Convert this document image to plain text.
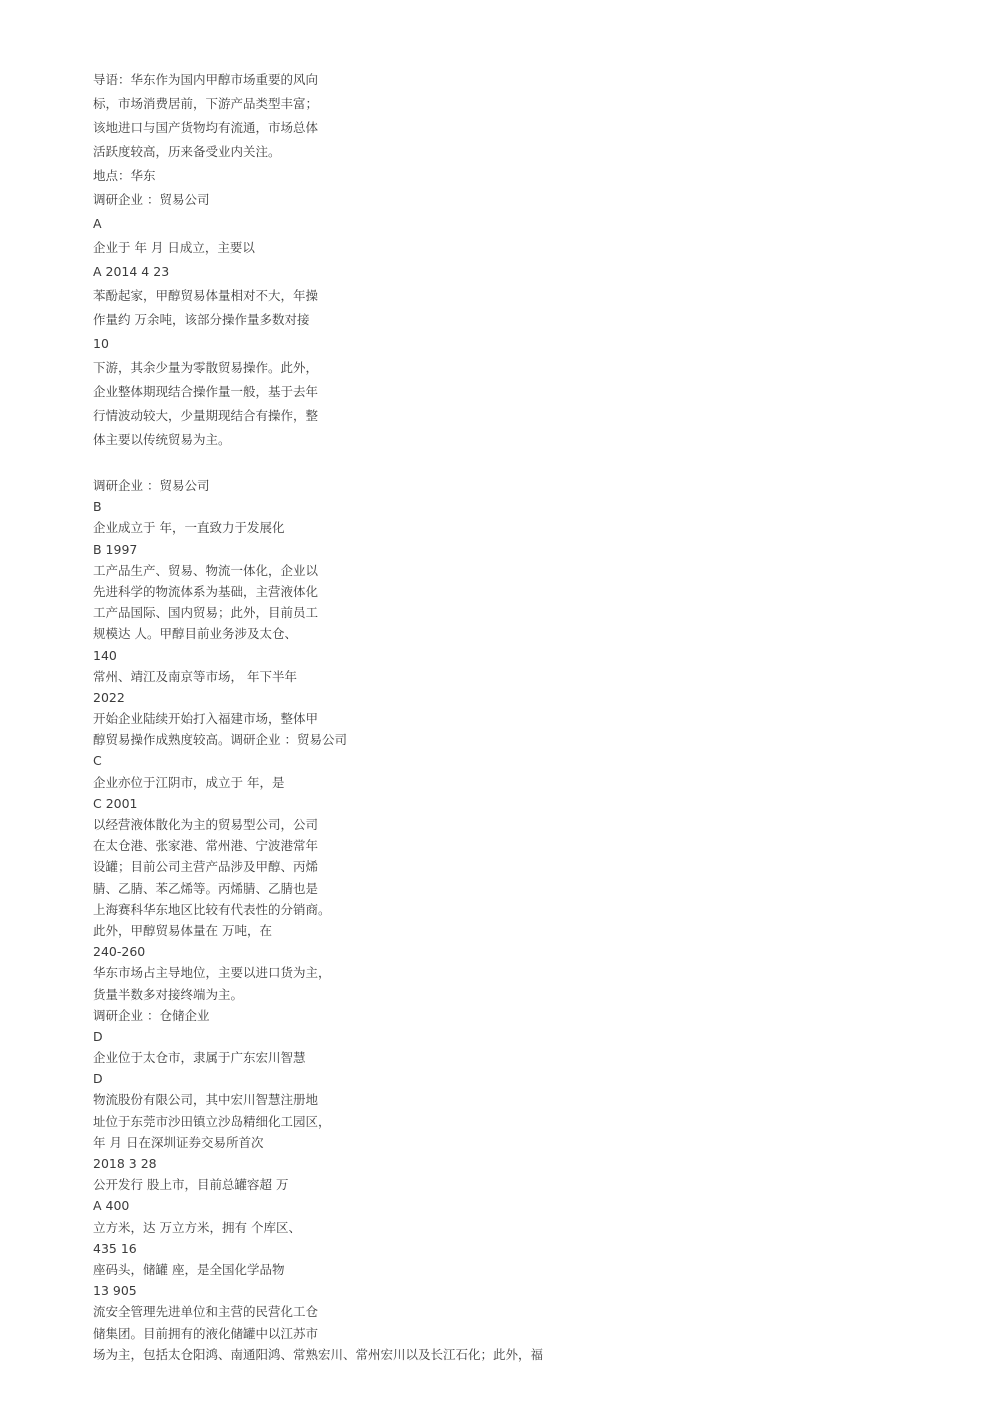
导语：华东作为国内甲醇市场重要的风向
标，市场消费居前，下游产品类型丰富；
该地进口与国产货物均有流通，市场总体
活跃度较高，历来备受业内关注。
地点：华东
调研企业 ：贸易公司
A
企业于 年 月 日成立，主要以
A 2014 4 23
苯酚起家，甲醇贸易体量相对不大，年操
作量约 万余吨，该部分操作量多数对接
10
下游，其余少量为零散贸易操作。此外，
企业整体期现结合操作量一般，基于去年
行情波动较大，少量期现结合有操作，整
体主要以传统贸易为主。
调研企业 ：贸易公司
B
企业成立于 年，一直致力于发展化
B 1997
工产品生产、贸易、物流一体化，企业以
先进科学的物流体系为基础，主营液体化
工产品国际、国内贸易；此外，目前员工
规模达 人。甲醇目前业务涉及太仓、
140
常州、靖江及南京等市场， 年下半年
2022
开始企业陆续开始打入福建市场，整体甲
醇贸易操作成熟度较高。调研企业 ：贸易公司
C
企业亦位于江阴市，成立于 年，是
C 2001
以经营液体散化为主的贸易型公司，公司
在太仓港、张家港、常州港、宁波港常年
设罐；目前公司主营产品涉及甲醇、丙烯
腈、乙腈、苯乙烯等。丙烯腈、乙腈也是
上海赛科华东地区比较有代表性的分销商。
此外，甲醇贸易体量在 万吨，在
240-260
华东市场占主导地位，主要以进口货为主，
货量半数多对接终端为主。
调研企业 ：仓储企业
D
企业位于太仓市，隶属于广东宏川智慧
D
物流股份有限公司，其中宏川智慧注册地
址位于东莞市沙田镇立沙岛精细化工园区，
年 月 日在深圳证券交易所首次
2018 3 28
公开发行 股上市，目前总罐容超 万
A 400
立方米，达 万立方米，拥有 个库区、
435 16
座码头，储罐 座，是全国化学品物
13 905
流安全管理先进单位和主营的民营化工仓
储集团。目前拥有的液化储罐中以江苏市
场为主，包括太仓阳鸿、南通阳鸿、常熟宏川、常州宏川以及长江石化；此外，福
